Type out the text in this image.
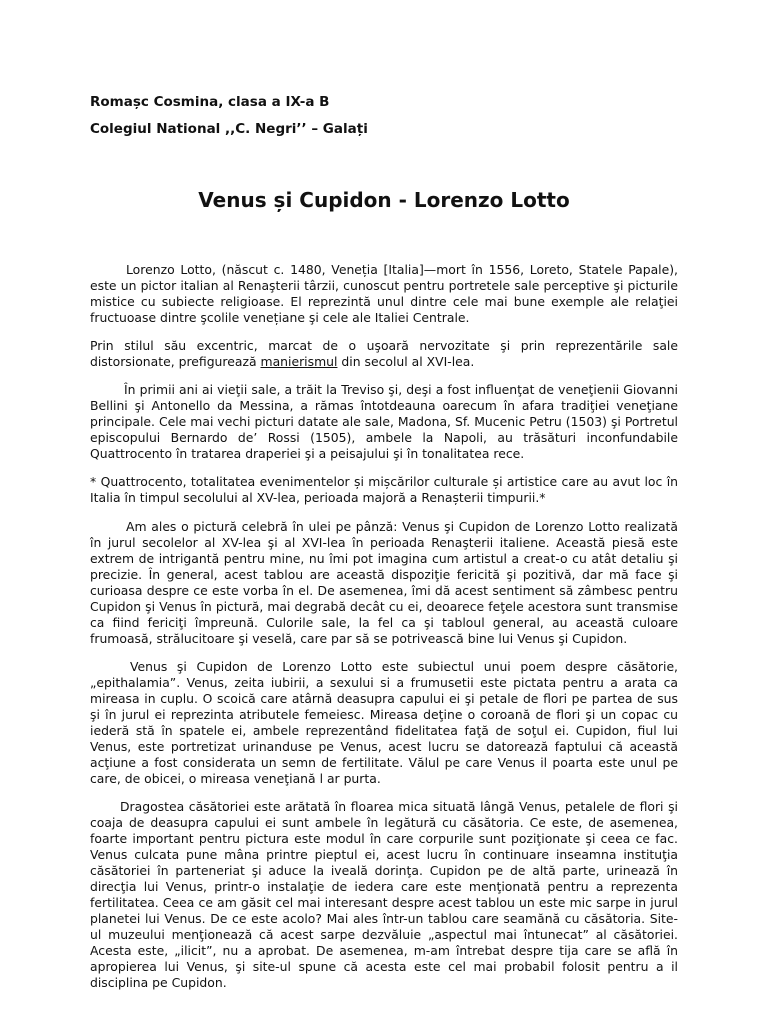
Romașc Cosmina, clasa a IX-a B
Colegiul National ,,C. Negri’’ – Galați
Venus și Cupidon - Lorenzo Lotto

Lorenzo Lotto, (născut c. 1480, Veneția [Italia]—mort în 1556, Loreto, Statele Papale), este un pictor italian al Renaşterii târzii, cunoscut pentru portretele sale perceptive şi picturile mistice cu subiecte religioase. El reprezintă unul dintre cele mai bune exemple ale relaţiei fructuoase dintre şcolile venețiane şi cele ale Italiei Centrale.

Prin stilul său excentric, marcat de o uşoară nervozitate şi prin reprezentările sale distorsionate, prefigurează manierismul din secolul al XVI-lea.

În primii ani ai vieţii sale, a trăit la Treviso şi, deşi a fost influenţat de veneţienii Giovanni Bellini şi Antonello da Messina, a rămas întotdeauna oarecum în afara tradiţiei veneţiane principale. Cele mai vechi picturi datate ale sale, Madona, Sf. Mucenic Petru (1503) şi Portretul episcopului Bernardo de’ Rossi (1505), ambele la Napoli, au trăsături inconfundabile Quattrocento în tratarea draperiei şi a peisajului şi în tonalitatea rece.

* Quattrocento, totalitatea evenimentelor și mișcărilor culturale și artistice care au avut loc în Italia în timpul secolului al XV-lea, perioada majoră a Renașterii timpurii.*

Am ales o pictură celebră în ulei pe pânză: Venus şi Cupidon de Lorenzo Lotto realizată în jurul secolelor al XV-lea şi al XVI-lea în perioada Renaşterii italiene. Această piesă este extrem de intrigantă pentru mine, nu îmi pot imagina cum artistul a creat-o cu atât detaliu şi precizie. În general, acest tablou are această dispoziţie fericită şi pozitivă, dar mă face şi curioasa despre ce este vorba în el. De asemenea, îmi dă acest sentiment să zâmbesc pentru Cupidon şi Venus în pictură, mai degrabă decât cu ei, deoarece feţele acestora sunt transmise ca fiind fericiţi împreună. Culorile sale, la fel ca şi tabloul general, au această culoare frumoasă, strălucitoare şi veselă, care par să se potrivească bine lui Venus şi Cupidon.

Venus şi Cupidon de Lorenzo Lotto este subiectul unui poem despre căsătorie, „epithalamia”. Venus, zeita iubirii, a sexului si a frumusetii este pictata pentru a arata ca mireasa in cuplu. O scoică care atârnă deasupra capului ei şi petale de flori pe partea de sus şi în jurul ei reprezinta atributele femeiesc. Mireasa deţine o coroană de flori şi un copac cu iederă stă în spatele ei, ambele reprezentând fidelitatea faţă de soţul ei. Cupidon, fiul lui Venus, este portretizat urinanduse pe Venus, acest lucru se datorează faptului că această acţiune a fost considerata un semn de fertilitate. Vălul pe care Venus il poarta este unul pe care, de obicei, o mireasa veneţiană l ar purta.

Dragostea căsătoriei este arătată în floarea mica situată lângă Venus, petalele de flori şi coaja de deasupra capului ei sunt ambele în legătură cu căsătoria. Ce este, de asemenea, foarte important pentru pictura este modul în care corpurile sunt poziţionate şi ceea ce fac. Venus culcata pune mâna printre pieptul ei, acest lucru în continuare inseamna instituţia căsătoriei în parteneriat şi aduce la iveală dorinţa. Cupidon pe de altă parte, urinează în direcţia lui Venus, printr-o instalaţie de iedera care este menţionată pentru a reprezenta fertilitatea. Ceea ce am găsit cel mai interesant despre acest tablou un este mic sarpe in jurul planetei lui Venus. De ce este acolo? Mai ales într-un tablou care seamănă cu căsătoria. Site-ul muzeului menţionează că acest sarpe dezvăluie „aspectul mai întunecat” al căsătoriei. Acesta este, „ilicit”, nu a aprobat. De asemenea, m-am întrebat despre tija care se află în apropierea lui Venus, şi site-ul spune că acesta este cel mai probabil folosit pentru a il disciplina pe Cupidon.
